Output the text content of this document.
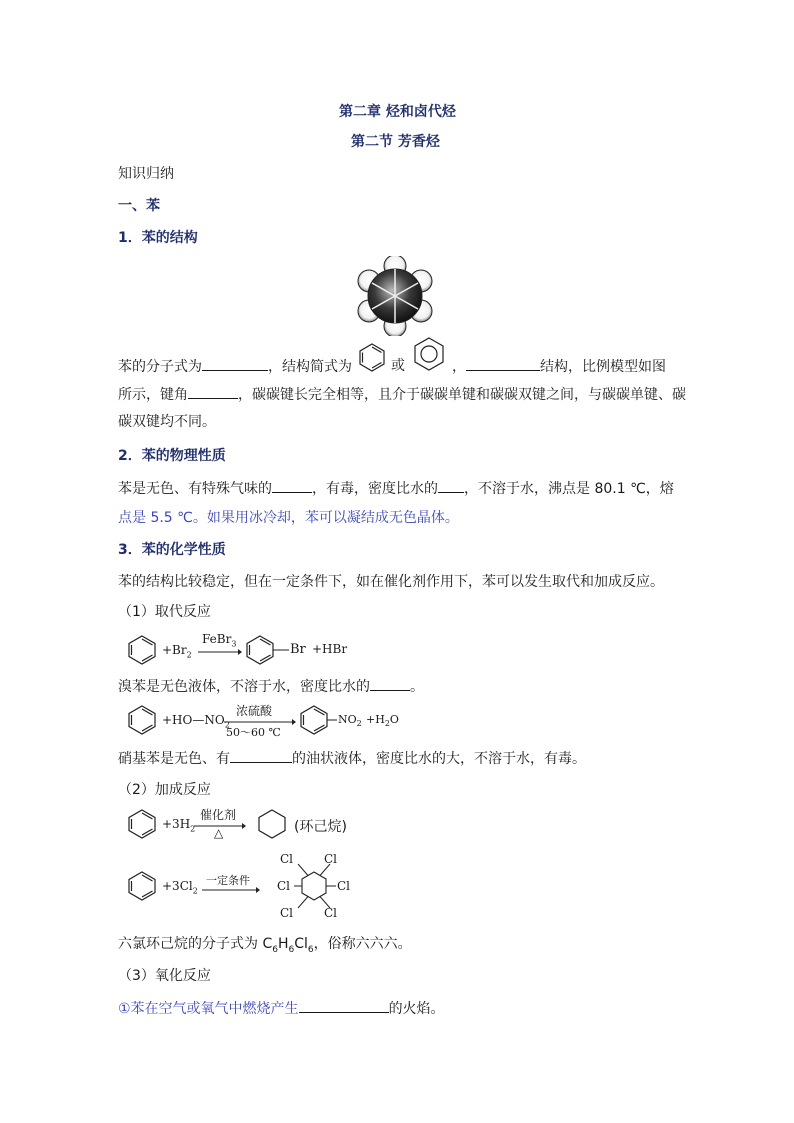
第二章 烃和卤代烃
第二节 芳香烃
知识归纳
一、苯
1．苯的结构
苯的分子式为	，结构简式为	或	，	结构，比例模型如图
所示，键角	，碳碳键长完全相等，且介于碳碳单键和碳碳双键之间，与碳碳单键、碳
碳双键均不同。
2．苯的物理性质
苯是无色、有特殊气味的	，有毒，密度比水的 ，不溶于水，沸点是 80.1 ℃，熔
点是 5.5 ℃。如果用冰冷却，苯可以凝结成无色晶体。
3．苯的化学性质
苯的结构比较稳定，但在一定条件下，如在催化剂作用下，苯可以发生取代和加成反应。
（1）取代反应
$+Br_2$
FeBr$_3$	Br +HBr
溴苯是无色液体，不溶于水，密度比水的	。
$+HO—NO_2$
浓硫酸
50～60 ℃
$NO_2 +H_2O$
硝基苯是无色、有	的油状液体，密度比水的大，不溶于水，有毒。
（2）加成反应
$+3H_2$
催化剂
△	(环己烷)
$+3Cl_2$
一定条件
Cl	Cl
Cl
Cl
Cl
Cl
六氯环己烷的分子式为 $C_6H_6Cl_6$，俗称六六六。
（3）氧化反应
①苯在空气或氧气中燃烧产生	的火焰。
